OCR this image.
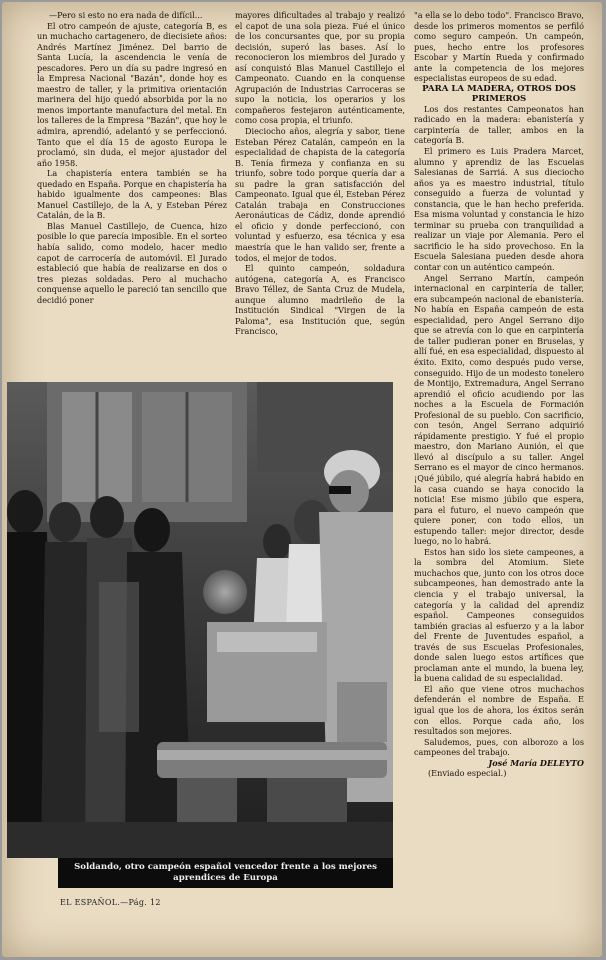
—Pero si esto no era nada de difícil...

El otro campeón de ajuste, categoría B, es un muchacho cartagenero, de diecisiete años: Andrés Martínez Jiménez. Del barrio de Santa Lucía, la ascendencia le venía de pescadores. Pero un día su padre ingresó en la Empresa Nacional "Bazán", donde hoy es maestro de taller, y la primitiva orientación marinera del hijo quedó absorbida por la no menos importante manufactura del metal. En los talleres de la Empresa "Bazán", que hoy le admira, aprendió, adelantó y se perfeccionó. Tanto que el día 15 de agosto Europa le proclamó, sin duda, el mejor ajustador del año 1958.

La chapistería entera también se ha quedado en España. Porque en chapistería ha habido igualmente dos campeones: Blas Manuel Castillejo, de la A, y Esteban Pérez Catalán, de la B.

Blas Manuel Castillejo, de Cuenca, hizo posible lo que parecía imposible. En el sorteo había salido, como modelo, hacer medio capot de carrocería de automóvil. El Jurado estableció que había de realizarse en dos o tres piezas soldadas. Pero al muchacho conquense aquello le pareció tan sencillo que decidió poner

mayores dificultades al trabajo y realizó el capot de una sola pieza. Fué el único de los concursantes que, por su propia decisión, superó las bases. Así lo reconocieron los miembros del Jurado y así conquistó Blas Manuel Castillejo el Campeonato. Cuando en la conquense Agrupación de Industrias Carroceras se supo la noticia, los operarios y los compañeros festejaron auténticamente, como cosa propia, el triunfo.

Dieciocho años, alegría y sabor, tiene Esteban Pérez Catalán, campeón en la especialidad de chapista de la categoría B. Tenía firmeza y confianza en su triunfo, sobre todo porque quería dar a su padre la gran satisfacción del Campeonato. Igual que él, Esteban Pérez Catalán trabaja en Construcciones Aeronáuticas de Cádiz, donde aprendió el oficio y donde perfeccionó, con voluntad y esfuerzo, esa técnica y esa maestría que le han valido ser, frente a todos, el mejor de todos.

El quinto campeón, soldadura autógena, categoría A, es Francisco Bravo Téllez, de Santa Cruz de Mudela, aunque alumno madrileño de la Institución Sindical "Virgen de la Paloma", esa Institución que, según Francisco,

"a ella se lo debo todo". Francisco Bravo, desde los primeros momentos se perfiló como seguro campeón. Un campeón, pues, hecho entre los profesores Escobar y Martín Rueda y confirmado ante la competencia de los mejores especialistas europeos de su edad.

PARA LA MADERA, OTROS DOS PRIMEROS

Los dos restantes Campeonatos han radicado en la madera: ebanistería y carpintería de taller, ambos en la categoría B.

El primero es Luis Pradera Marcet, alumno y aprendiz de las Escuelas Salesianas de Sarriá. A sus dieciocho años ya es maestro industrial, título conseguido a fuerza de voluntad y constancia, que le han hecho preferida. Esa misma voluntad y constancia le hizo terminar su prueba con tranquilidad a realizar un viaje por Alemania. Pero el sacrificio le ha sido provechoso. En la Escuela Salesiana pueden desde ahora contar con un auténtico campeón.

Angel Serrano Martín, campeón internacional en carpintería de taller, era subcampeón nacional de ebanistería. No había en España campeón de esta especialidad, pero Angel Serrano dijo que se atrevía con lo que en carpintería de taller pudieran poner en Bruselas, y allí fué, en esa especialidad, dispuesto al éxito. Exito, como después pudo verse, conseguido. Hijo de un modesto tonelero de Montijo, Extremadura, Angel Serrano aprendió el oficio acudiendo por las noches a la Escuela de Formación Profesional de su pueblo. Con sacrificio, con tesón, Angel Serrano adquirió rápidamente prestigio. Y fué el propio maestro, don Mariano Aunión, el que llevó al discípulo a su taller. Angel Serrano es el mayor de cinco hermanos. ¡Qué júbilo, qué alegría habrá habido en la casa cuando se haya conocido la noticia! Ese mismo júbilo que espera, para el futuro, el nuevo campeón que quiere poner, con todo ellos, un estupendo taller: mejor director, desde luego, no lo habrá.

Estos han sido los siete campeones, a la sombra del Atomium. Siete muchachos que, junto con los otros doce subcampeones, han demostrado ante la ciencia y el trabajo universal, la categoría y la calidad del aprendiz español. Campeones conseguidos también gracias al esfuerzo y a la labor del Frente de Juventudes español, a través de sus Escuelas Profesionales, donde salen luego estos artífices que proclaman ante el mundo, la buena ley, la buena calidad de su especialidad.

El año que viene otros muchachos defenderán el nombre de España. E igual que los de ahora, los éxitos serán con ellos. Porque cada año, los resultados son mejores.

Saludemos, pues, con alborozo a los campeones del trabajo.

José María DELEYTO

(Enviado especial.)

Soldando, otro campeón español vencedor frente a los mejores aprendices de Europa
EL ESPAÑOL.—Pág. 12
